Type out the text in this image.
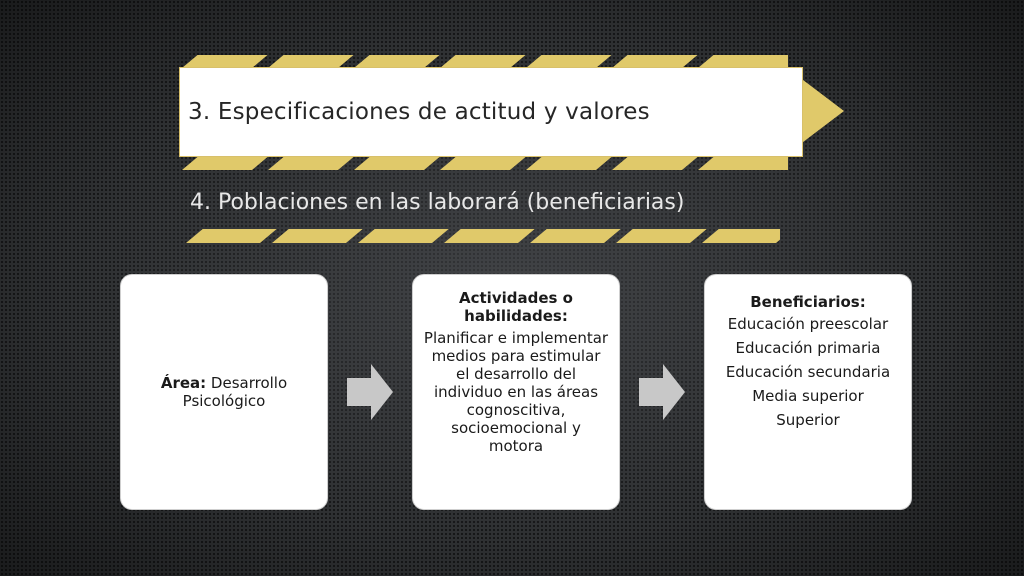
3. Especificaciones de actitud y valores
4. Poblaciones en las laborará (beneficiarias)

Área: Desarrollo Psicológico

Actividades o habilidades:

Planificar e implementar medios para estimular el desarrollo del individuo en las áreas cognoscitiva, socioemocional y motora

Beneficiarios:

Educación preescolar

Educación primaria

Educación secundaria

Media superior

Superior
